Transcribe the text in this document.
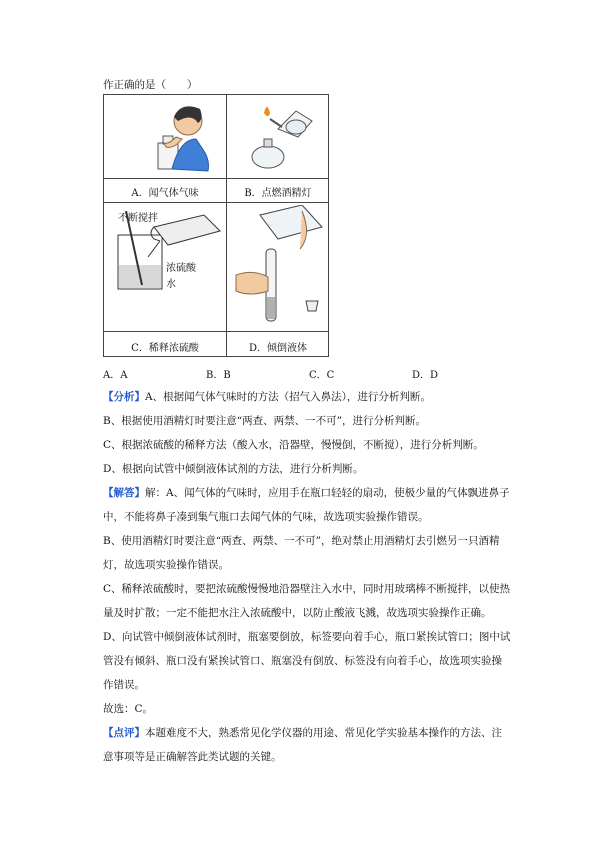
作正确的是（　　）
不断搅拌
浓硫酸
水
A．闻气体气味	B．点燃酒精灯
C．稀释浓硫酸	D．倾倒液体
A．A	B．B	C．C	D．D
【分析】A、根据闻气体气味时的方法（招气入鼻法），进行分析判断。
B、根据使用酒精灯时要注意“两查、两禁、一不可”，进行分析判断。
C、根据浓硫酸的稀释方法（酸入水，沿器壁，慢慢倒，不断搅），进行分析判断。
D、根据向试管中倾倒液体试剂的方法，进行分析判断。
【解答】解：A、闻气体的气味时，应用手在瓶口轻轻的扇动，使极少量的气体飘进鼻子
中，不能将鼻子凑到集气瓶口去闻气体的气味，故选项实验操作错误。
B、使用酒精灯时要注意“两查、两禁、一不可”，绝对禁止用酒精灯去引燃另一只酒精
灯，故选项实验操作错误。
C、稀释浓硫酸时，要把浓硫酸慢慢地沿器壁注入水中，同时用玻璃棒不断搅拌，以使热
量及时扩散；一定不能把水注入浓硫酸中，以防止酸液飞溅，故选项实验操作正确。
D、向试管中倾倒液体试剂时，瓶塞要倒放，标签要向着手心，瓶口紧挨试管口；图中试
管没有倾斜、瓶口没有紧挨试管口、瓶塞没有倒放、标签没有向着手心，故选项实验操
作错误。
故选：C。
【点评】本题难度不大，熟悉常见化学仪器的用途、常见化学实验基本操作的方法、注
意事项等是正确解答此类试题的关键。
